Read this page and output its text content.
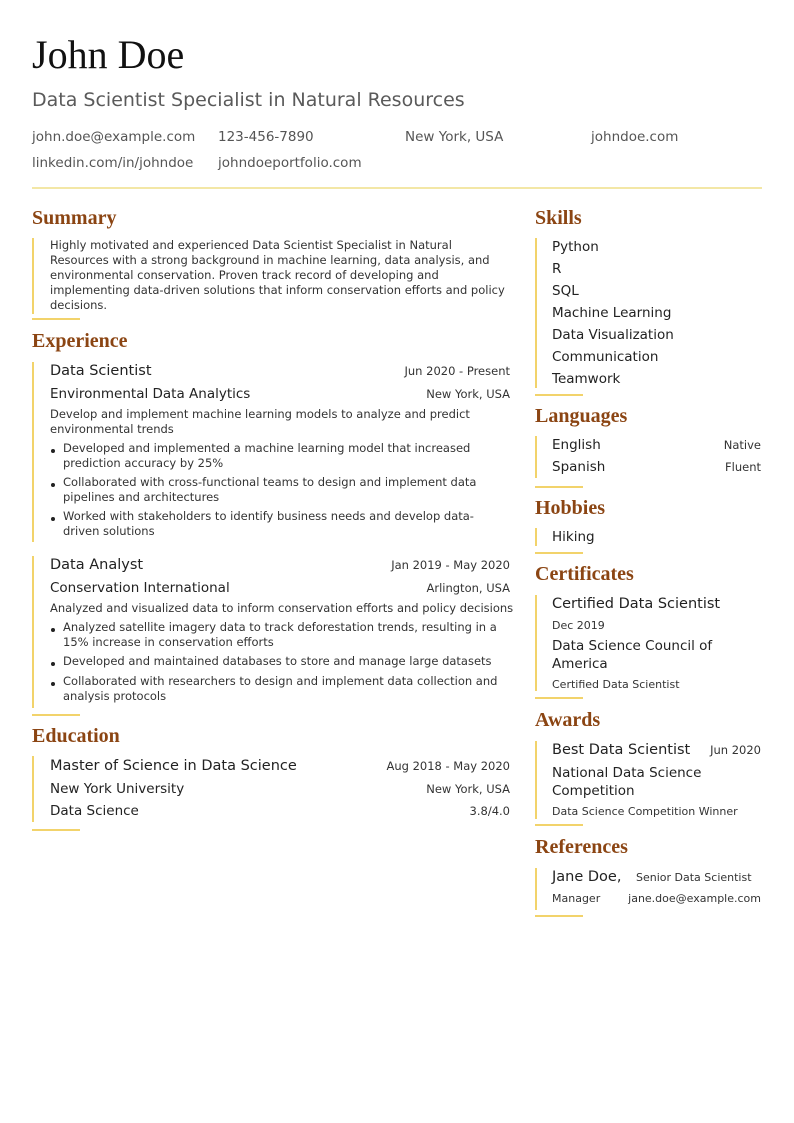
John Doe
Data Scientist Specialist in Natural Resources
john.doe@example.com 123-456-7890	New York, USA	johndoe.com
linkedin.com/in/johndoe johndoeportfolio.com
Summary
Highly motivated and experienced Data Scientist Specialist in Natural Resources with a strong background in machine learning, data analysis, and environmental conservation. Proven track record of developing and implementing data-driven solutions that inform conservation efforts and policy decisions.
Experience
Data Scientist	Jun 2020 - Present
Environmental Data Analytics	New York, USA
Develop and implement machine learning models to analyze and predict environmental trends
Developed and implemented a machine learning model that increased prediction accuracy by 25%
Collaborated with cross-functional teams to design and implement data pipelines and architectures
Worked with stakeholders to identify business needs and develop data-driven solutions
Data Analyst	Jan 2019 - May 2020
Conservation International	Arlington, USA
Analyzed and visualized data to inform conservation efforts and policy decisions
Analyzed satellite imagery data to track deforestation trends, resulting in a 15% increase in conservation efforts
Developed and maintained databases to store and manage large datasets
Collaborated with researchers to design and implement data collection and analysis protocols
Education
Master of Science in Data Science	Aug 2018 - May 2020
New York University	New York, USA
Data Science	3.8/4.0
Skills
Python
R
SQL
Machine Learning
Data Visualization
Communication
Teamwork
Languages
English	Native
Spanish	Fluent
Hobbies
Hiking
Certificates
Certified Data Scientist
Dec 2019
Data Science Council of
America
Certified Data Scientist
Awards
Best Data Scientist Jun 2020
National Data Science
Competition
Data Science Competition Winner
References
Jane Doe, Senior Data Scientist
Manager	jane.doe@example.com
